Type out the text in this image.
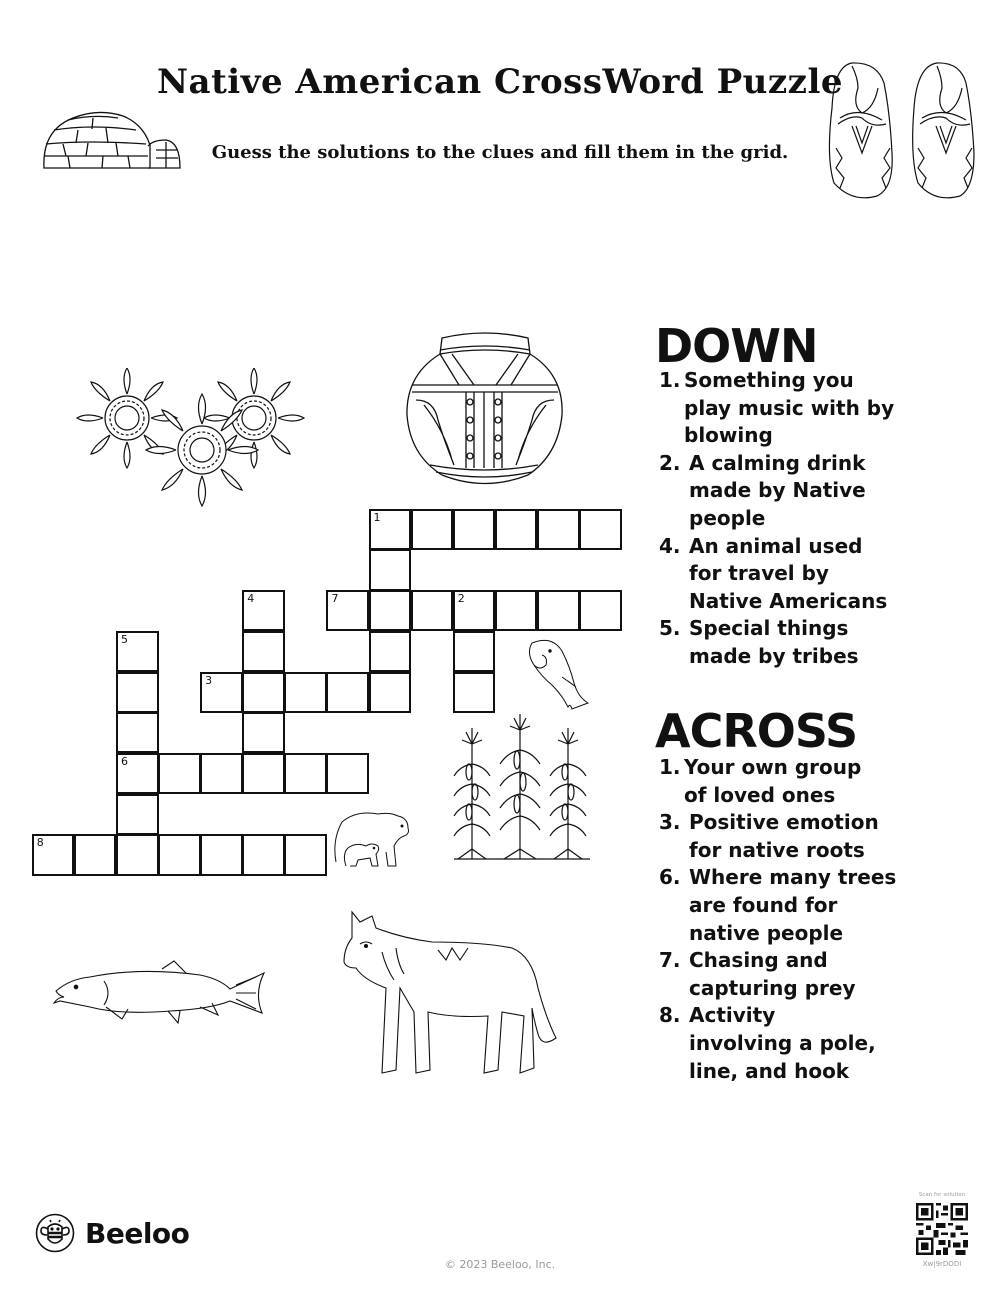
Native American CrossWord Puzzle
Guess the solutions to the clues and fill them in the grid.
1
7	2
4
5
6
3
8
DOWN
1. Something you
play music with by
blowing
2. A calming drink
made by Native
people
4. An animal used
for travel by
Native Americans
5. Special things
made by tribes
ACROSS
1. Your own group
of loved ones
3. Positive emotion
for native roots
6. Where many trees
are found for
native people
7. Chasing and
capturing prey
8. Activity
involving a pole,
line, and hook
Beeloo
© 2023 Beeloo, Inc.
Scan for solution
Xw|9rDODI
